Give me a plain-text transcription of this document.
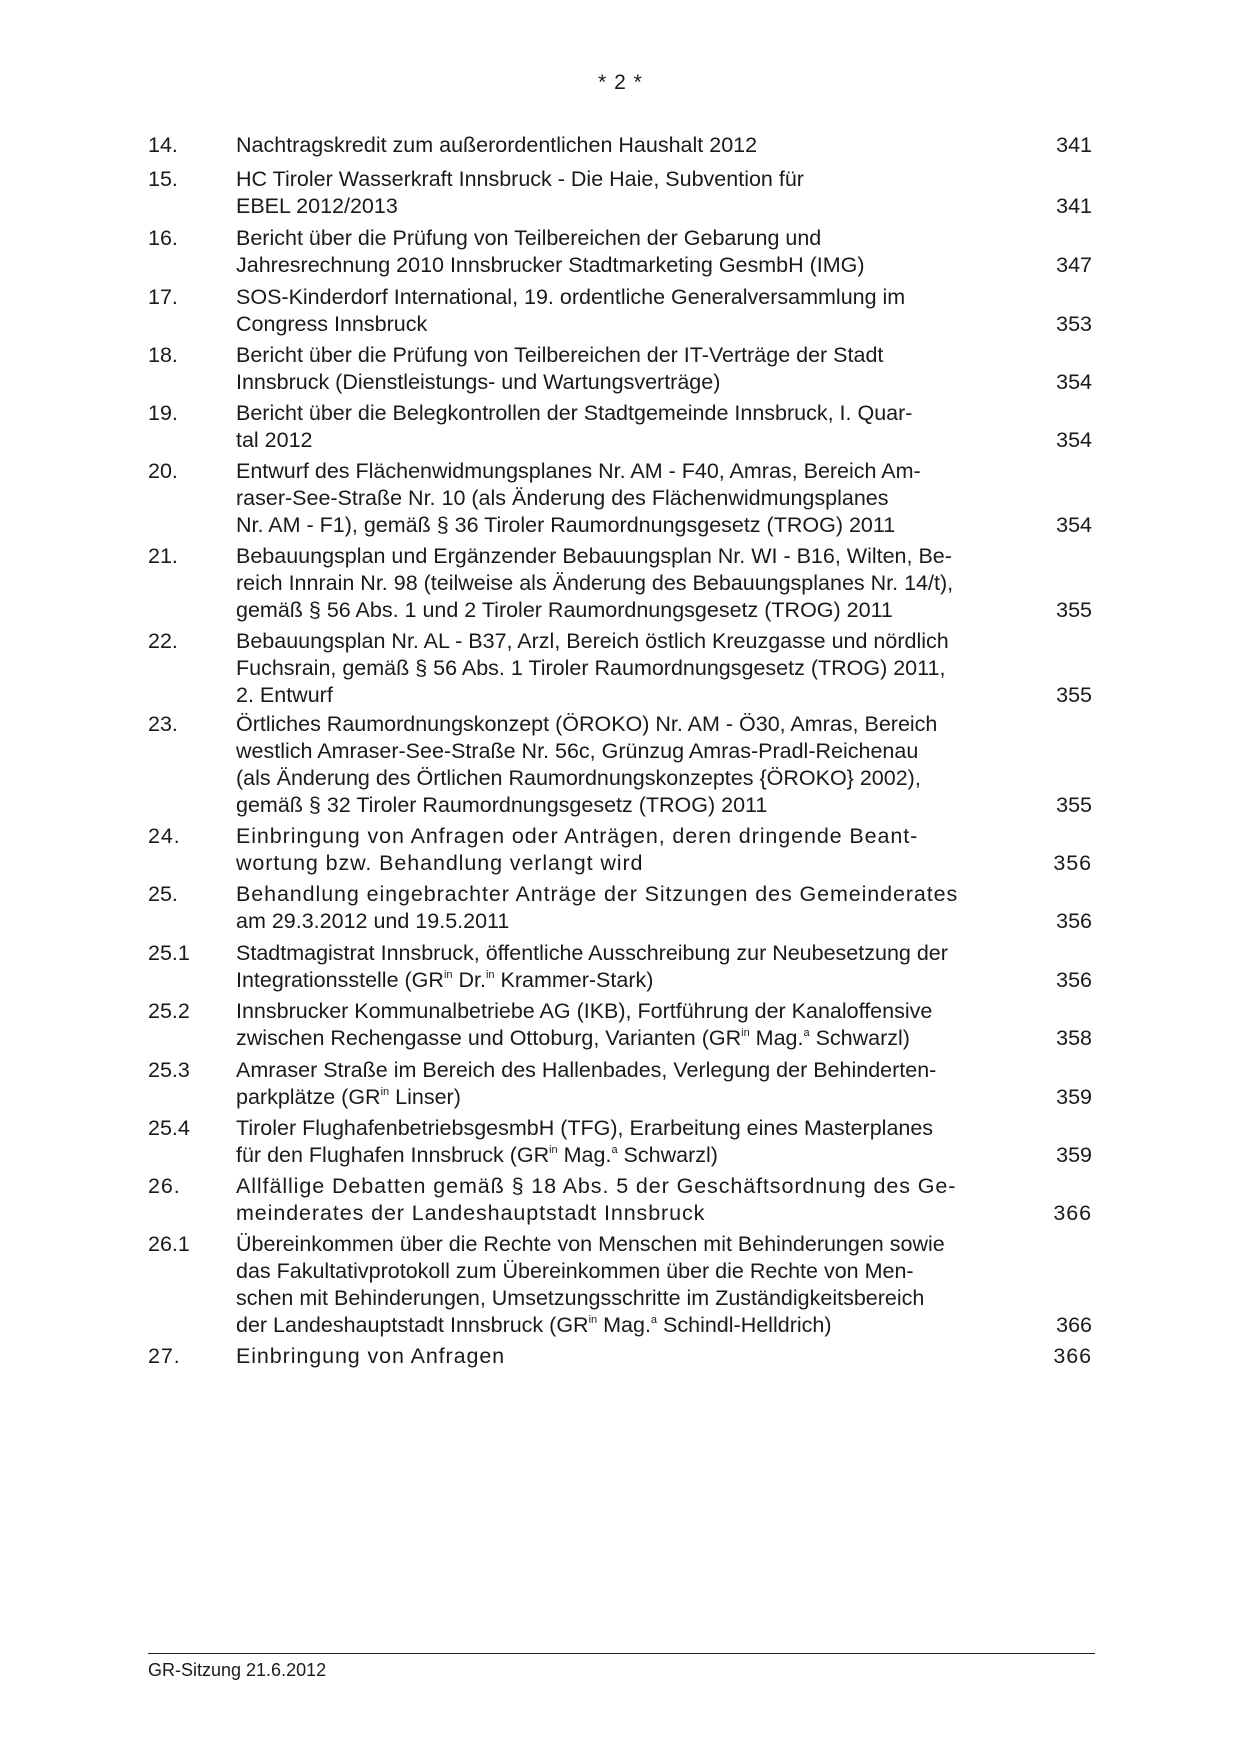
* 2 *
14.	Nachtragskredit zum außerordentlichen Haushalt 2012	341
15.	HC Tiroler Wasserkraft Innsbruck - Die Haie, Subvention für
EBEL 2012/2013	341
16.	Bericht über die Prüfung von Teilbereichen der Gebarung und
Jahresrechnung 2010 Innsbrucker Stadtmarketing GesmbH (IMG)	347
17.	SOS-Kinderdorf International, 19. ordentliche Generalversammlung im
Congress Innsbruck	353
18.	Bericht über die Prüfung von Teilbereichen der IT-Verträge der Stadt
Innsbruck (Dienstleistungs- und Wartungsverträge)	354
19.	Bericht über die Belegkontrollen der Stadtgemeinde Innsbruck, I. Quar-
tal 2012	354
20.	Entwurf des Flächenwidmungsplanes Nr. AM - F40, Amras, Bereich Am-
raser-See-Straße Nr. 10 (als Änderung des Flächenwidmungsplanes
Nr. AM - F1), gemäß § 36 Tiroler Raumordnungsgesetz (TROG) 2011	354
21.	Bebauungsplan und Ergänzender Bebauungsplan Nr. WI - B16, Wilten, Be-
reich Innrain Nr. 98 (teilweise als Änderung des Bebauungsplanes Nr. 14/t),
gemäß § 56 Abs. 1 und 2 Tiroler Raumordnungsgesetz (TROG) 2011	355
22.	Bebauungsplan Nr. AL - B37, Arzl, Bereich östlich Kreuzgasse und nördlich
Fuchsrain, gemäß § 56 Abs. 1 Tiroler Raumordnungsgesetz (TROG) 2011,
2. Entwurf	355
23.	Örtliches Raumordnungskonzept (ÖROKO) Nr. AM - Ö30, Amras, Bereich
westlich Amraser-See-Straße Nr. 56c, Grünzug Amras-Pradl-Reichenau
(als Änderung des Örtlichen Raumordnungskonzeptes {ÖROKO} 2002),
gemäß § 32 Tiroler Raumordnungsgesetz (TROG) 2011	355
24.	Einbringung von Anfragen oder Anträgen, deren dringende Beant-
wortung bzw. Behandlung verlangt wird	356
25.	Behandlung eingebrachter Anträge der Sitzungen des Gemeinderates
am 29.3.2012 und 19.5.2011	356
25.1 Stadtmagistrat Innsbruck, öffentliche Ausschreibung zur Neubesetzung der
Integrationsstelle ($GR^{in}$ Dr.$^{in}$ Krammer-Stark)	356
25.2 Innsbrucker Kommunalbetriebe AG (IKB), Fortführung der Kanaloffensive
zwischen Rechengasse und Ottoburg, Varianten ($GR^{in}$ Mag.$^a$ Schwarzl)	358
25.3 Amraser Straße im Bereich des Hallenbades, Verlegung der Behinderten-
parkplätze ($GR^{in}$ Linser)	359
25.4 Tiroler FlughafenbetriebsgesmbH (TFG), Erarbeitung eines Masterplanes
für den Flughafen Innsbruck ($GR^{in}$ Mag.$^a$ Schwarzl)	359
26.	Allfällige Debatten gemäß § 18 Abs. 5 der Geschäftsordnung des Ge-
meinderates der Landeshauptstadt Innsbruck	366
26.1 Übereinkommen über die Rechte von Menschen mit Behinderungen sowie
das Fakultativprotokoll zum Übereinkommen über die Rechte von Men-
schen mit Behinderungen, Umsetzungsschritte im Zuständigkeitsbereich
der Landeshauptstadt Innsbruck ($GR^{in}$ Mag.$^a$ Schindl-Helldrich)	366
27.	Einbringung von Anfragen	366
GR-Sitzung 21.6.2012
